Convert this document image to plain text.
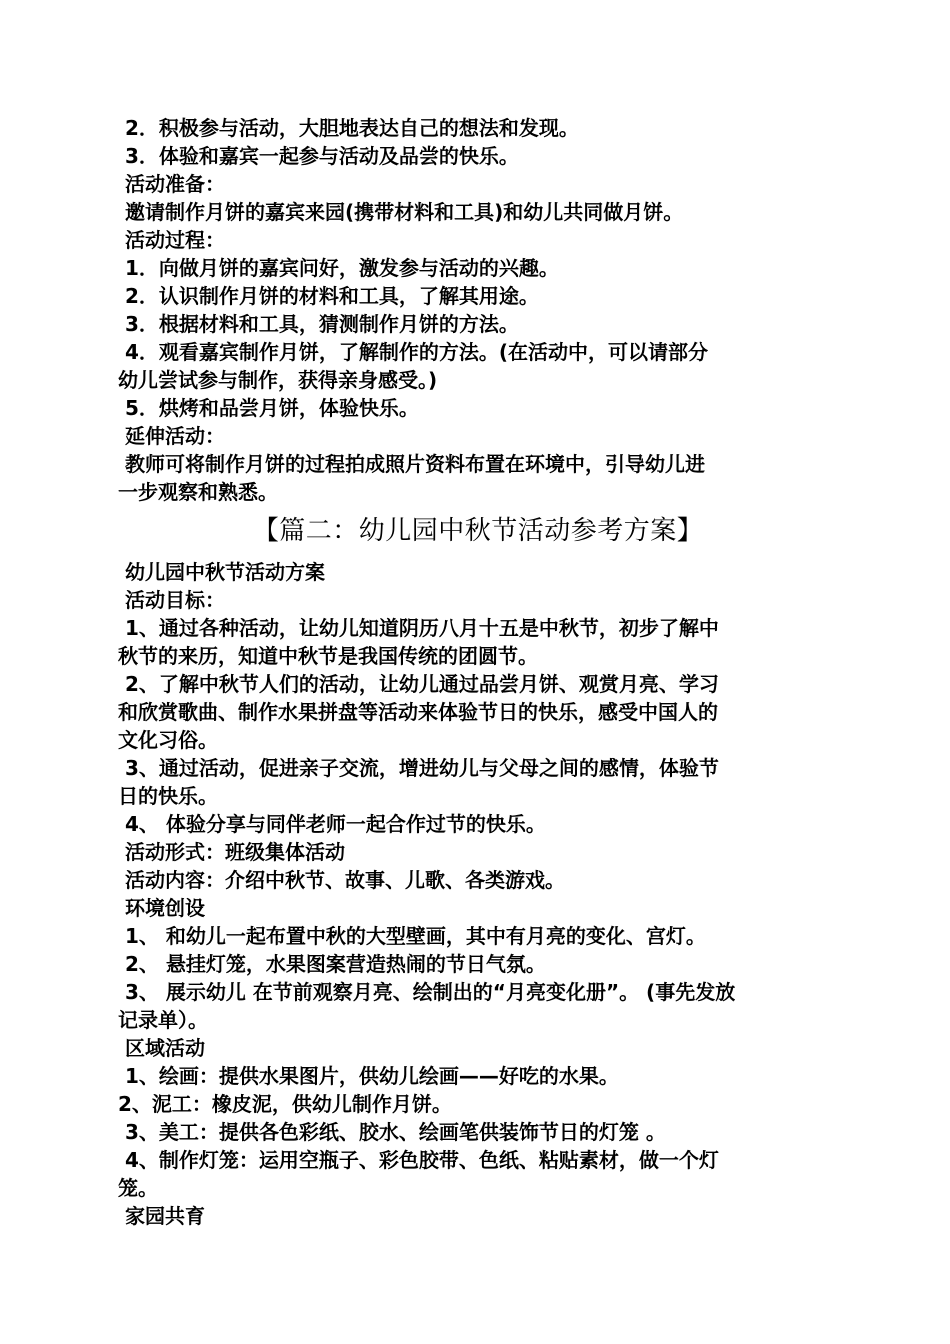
2．积极参与活动，大胆地表达自己的想法和发现。

3．体验和嘉宾一起参与活动及品尝的快乐。

活动准备：

邀请制作月饼的嘉宾来园(携带材料和工具)和幼儿共同做月饼。

活动过程：

1．向做月饼的嘉宾问好，激发参与活动的兴趣。

2．认识制作月饼的材料和工具，了解其用途。

3．根据材料和工具，猜测制作月饼的方法。

4．观看嘉宾制作月饼，了解制作的方法。(在活动中，可以请部分

幼儿尝试参与制作，获得亲身感受。)

5．烘烤和品尝月饼，体验快乐。

延伸活动：

教师可将制作月饼的过程拍成照片资料布置在环境中，引导幼儿进

一步观察和熟悉。

【篇二：幼儿园中秋节活动参考方案】

幼儿园中秋节活动方案

活动目标：

1、通过各种活动，让幼儿知道阴历八月十五是中秋节，初步了解中

秋节的来历，知道中秋节是我国传统的团圆节。

2、了解中秋节人们的活动，让幼儿通过品尝月饼、观赏月亮、学习

和欣赏歌曲、制作水果拼盘等活动来体验节日的快乐，感受中国人的

文化习俗。

3、通过活动，促进亲子交流，增进幼儿与父母之间的感情，体验节

日的快乐。

4、 体验分享与同伴老师一起合作过节的快乐。

活动形式：班级集体活动

活动内容：介绍中秋节、故事、儿歌、各类游戏。

环境创设

1、 和幼儿一起布置中秋的大型壁画，其中有月亮的变化、宫灯。

2、 悬挂灯笼，水果图案营造热闹的节日气氛。

3、 展示幼儿 在节前观察月亮、绘制出的“月亮变化册”。 (事先发放

记录单）。

区域活动

1、绘画：提供水果图片，供幼儿绘画——好吃的水果。

2、泥工：橡皮泥，供幼儿制作月饼。

3、美工：提供各色彩纸、胶水、绘画笔供装饰节日的灯笼 。

4、制作灯笼：运用空瓶子、彩色胶带、色纸、粘贴素材，做一个灯

笼。

家园共育
